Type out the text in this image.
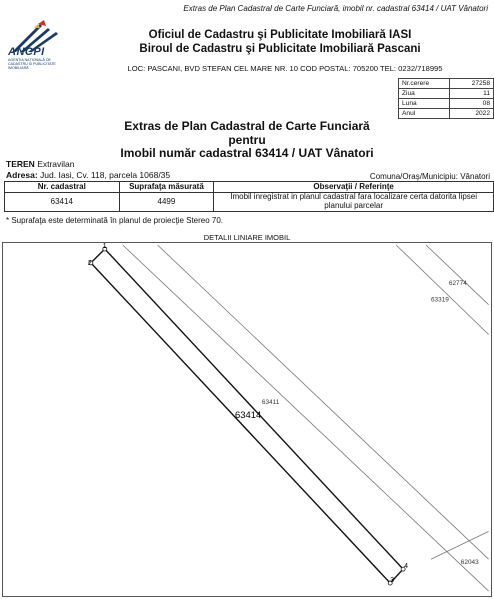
Extras de Plan Cadastral de Carte Funciară, imobil nr. cadastral 63414 / UAT Vânatori
ANCPI
AGENȚIA NAȚIONALĂ DE CADASTRU ȘI PUBLICITATE IMOBILIARĂ
Oficiul de Cadastru şi Publicitate Imobiliară IASI
Biroul de Cadastru şi Publicitate Imobiliară Pascani
LOC: PASCANI, BVD STEFAN CEL MARE NR. 10 COD POSTAL: 705200 TEL: 0232/718995
Nr.cerere	27258
Ziua	11
Luna	08
Anul	2022
Extras de Plan Cadastral de Carte Funciară
pentru
Imobil număr cadastral 63414 / UAT Vânatori
TEREN Extravilan
Adresa: Jud. Iasi, Cv. 118, parcela 1068/35	Comuna/Oraş/Municipiu: Vânatori
Nr. cadastral	Suprafaţa măsurată	Observaţii / Referinţe
63414	4499	Imobil inregistrat in planul cadastral fara localizare certa datorita lipsei planului parcelar
* Suprafaţa este determinată în planul de proiecţie Stereo 70.
DETALII LINIARE IMOBIL
1
2
3
4
63414
63411
62774
63319
62043
